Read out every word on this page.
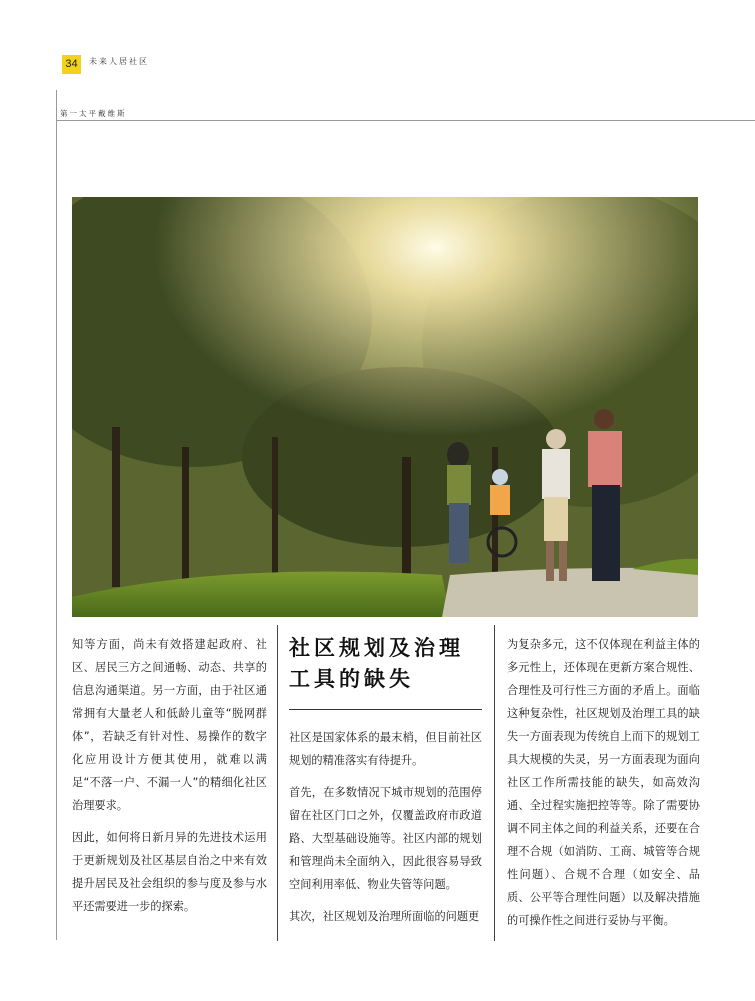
34	未来人居社区
第一太平戴维斯

知等方面，尚未有效搭建起政府、社区、居民三方之间通畅、动态、共享的信息沟通渠道。另一方面，由于社区通常拥有大量老人和低龄儿童等“脱网群体”，若缺乏有针对性、易操作的数字化应用设计方便其使用，就难以满足“不落一户、不漏一人”的精细化社区治理要求。

因此，如何将日新月异的先进技术运用于更新规划及社区基层自治之中来有效提升居民及社会组织的参与度及参与水平还需要进一步的探索。

社区规划及治理
工具的缺失

社区是国家体系的最末梢，但目前社区规划的精准落实有待提升。

首先，在多数情况下城市规划的范围停留在社区门口之外，仅覆盖政府市政道路、大型基础设施等。社区内部的规划和管理尚未全面纳入，因此很容易导致空间利用率低、物业失管等问题。

其次，社区规划及治理所面临的问题更

为复杂多元，这不仅体现在利益主体的多元性上，还体现在更新方案合规性、合理性及可行性三方面的矛盾上。面临这种复杂性，社区规划及治理工具的缺失一方面表现为传统自上而下的规划工具大规模的失灵，另一方面表现为面向社区工作所需技能的缺失，如高效沟通、全过程实施把控等等。除了需要协调不同主体之间的利益关系，还要在合理不合规（如消防、工商、城管等合规性问题）、合规不合理（如安全、品质、公平等合理性问题）以及解决措施的可操作性之间进行妥协与平衡。
